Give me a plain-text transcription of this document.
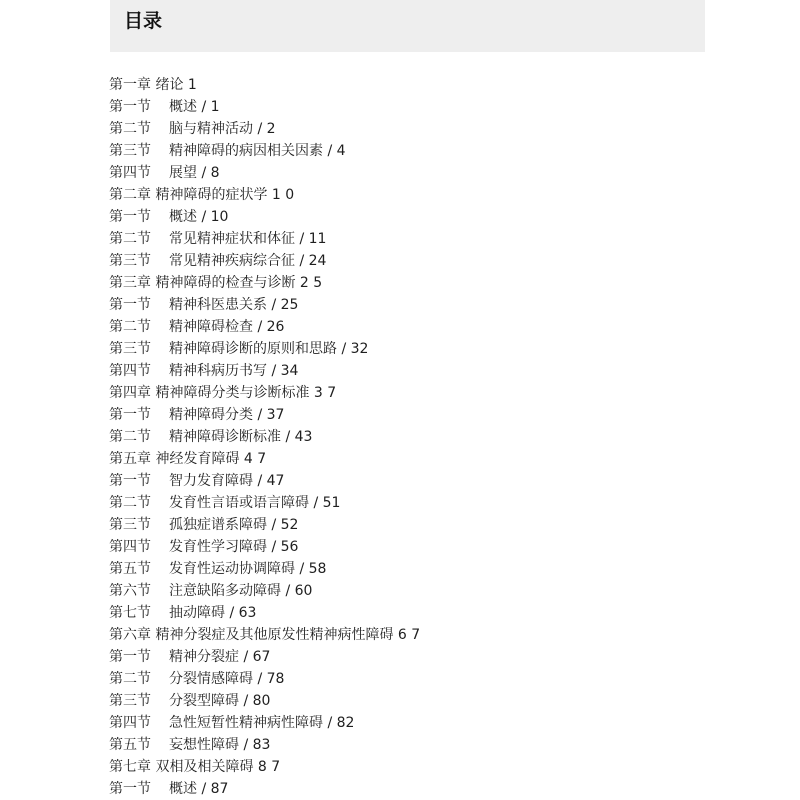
目录
第一章 绪论 1
第一节 概述 / 1
第二节 脑与精神活动 / 2
第三节 精神障碍的病因相关因素 / 4
第四节 展望 / 8
第二章 精神障碍的症状学 1 0
第一节 概述 / 10
第二节 常见精神症状和体征 / 11
第三节 常见精神疾病综合征 / 24
第三章 精神障碍的检查与诊断 2 5
第一节 精神科医患关系 / 25
第二节 精神障碍检查 / 26
第三节 精神障碍诊断的原则和思路 / 32
第四节 精神科病历书写 / 34
第四章 精神障碍分类与诊断标准 3 7
第一节 精神障碍分类 / 37
第二节 精神障碍诊断标准 / 43
第五章 神经发育障碍 4 7
第一节 智力发育障碍 / 47
第二节 发育性言语或语言障碍 / 51
第三节 孤独症谱系障碍 / 52
第四节 发育性学习障碍 / 56
第五节 发育性运动协调障碍 / 58
第六节 注意缺陷多动障碍 / 60
第七节 抽动障碍 / 63
第六章 精神分裂症及其他原发性精神病性障碍 6 7
第一节 精神分裂症 / 67
第二节 分裂情感障碍 / 78
第三节 分裂型障碍 / 80
第四节 急性短暂性精神病性障碍 / 82
第五节 妄想性障碍 / 83
第七章 双相及相关障碍 8 7
第一节 概述 / 87
